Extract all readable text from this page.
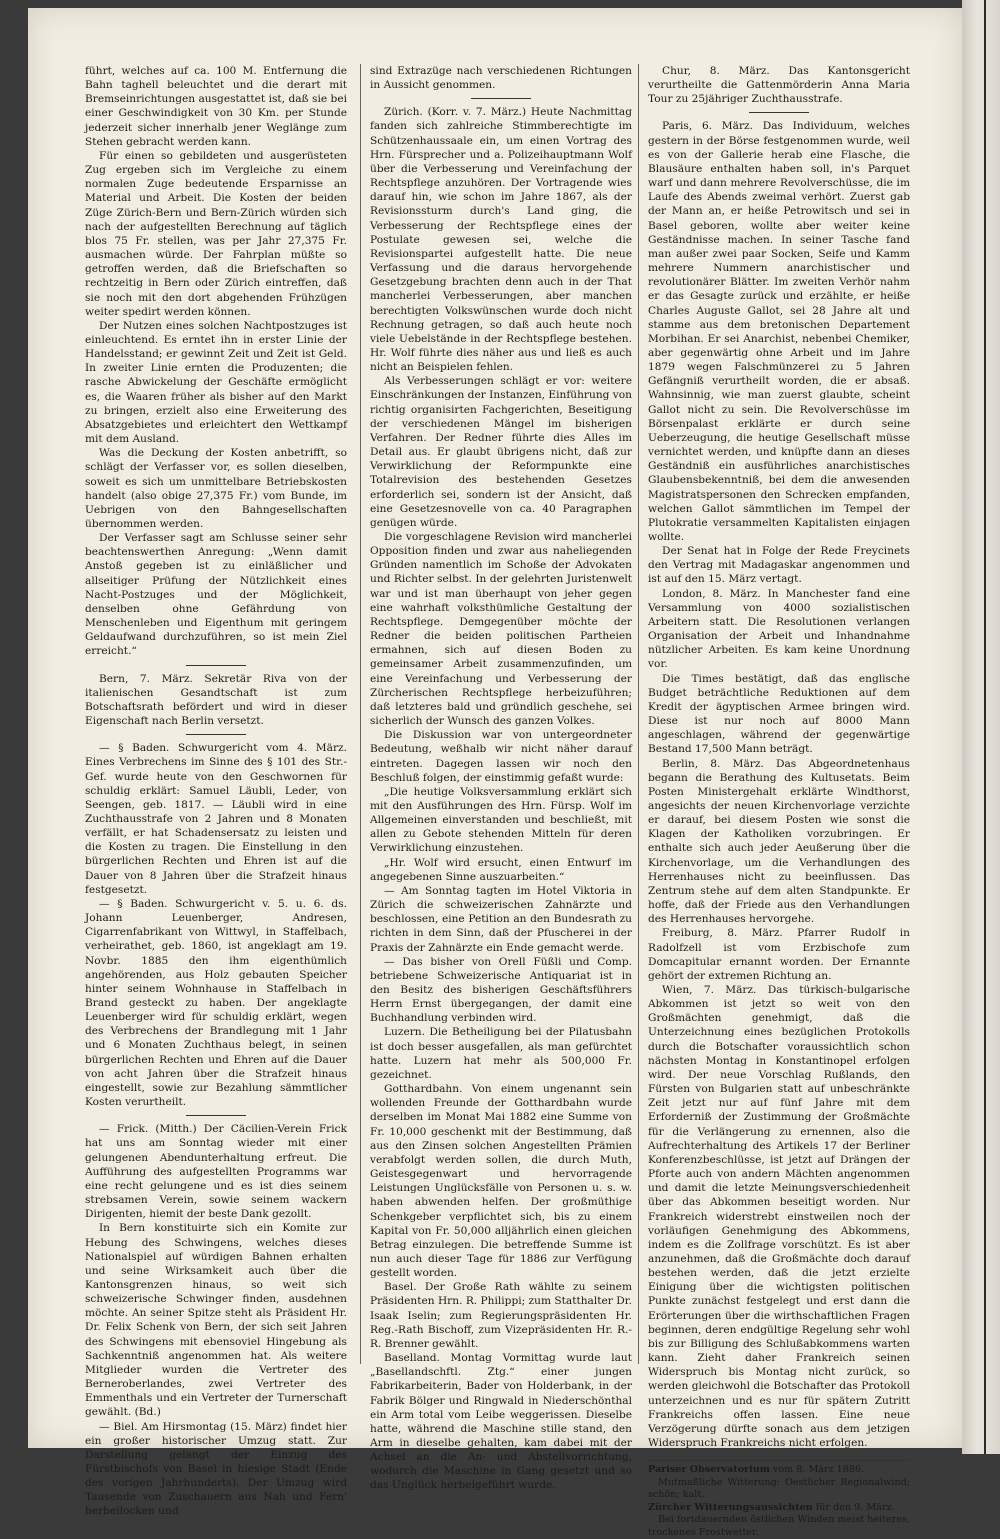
führt, welches auf ca. 100 M. Entfernung die Bahn taghell beleuchtet und die derart mit Bremseinrichtungen ausgestattet ist, daß sie bei einer Geschwindigkeit von 30 Km. per Stunde jederzeit sicher innerhalb jener Weglänge zum Stehen gebracht werden kann.

Für einen so gebildeten und ausgerüsteten Zug ergeben sich im Vergleiche zu einem normalen Zuge bedeutende Ersparnisse an Material und Arbeit. Die Kosten der beiden Züge Zürich-Bern und Bern-Zürich würden sich nach der aufgestellten Berechnung auf täglich blos 75 Fr. stellen, was per Jahr 27,375 Fr. ausmachen würde. Der Fahrplan müßte so getroffen werden, daß die Briefschaften so rechtzeitig in Bern oder Zürich eintreffen, daß sie noch mit den dort abgehenden Frühzügen weiter spedirt werden können.

Der Nutzen eines solchen Nachtpostzuges ist einleuchtend. Es erntet ihn in erster Linie der Handelsstand; er gewinnt Zeit und Zeit ist Geld. In zweiter Linie ernten die Produzenten; die rasche Abwickelung der Geschäfte ermöglicht es, die Waaren früher als bisher auf den Markt zu bringen, erzielt also eine Erweiterung des Absatzgebietes und erleichtert den Wettkampf mit dem Ausland.

Was die Deckung der Kosten anbetrifft, so schlägt der Verfasser vor, es sollen dieselben, soweit es sich um unmittelbare Betriebskosten handelt (also obige 27,375 Fr.) vom Bunde, im Uebrigen von den Bahngesellschaften übernommen werden.

Der Verfasser sagt am Schlusse seiner sehr beachtenswerthen Anregung: „Wenn damit Anstoß gegeben ist zu einläßlicher und allseitiger Prüfung der Nützlichkeit eines Nacht-Postzuges und der Möglichkeit, denselben ohne Gefährdung von Menschenleben und Eigenthum mit geringem Geldaufwand durchzuführen, so ist mein Ziel erreicht.“

Bern, 7. März. Sekretär Riva von der italienischen Gesandtschaft ist zum Botschaftsrath befördert und wird in dieser Eigenschaft nach Berlin versetzt.

— § Baden. Schwurgericht vom 4. März. Eines Verbrechens im Sinne des § 101 des Str.-Gef. wurde heute von den Geschwornen für schuldig erklärt: Samuel Läubli, Leder, von Seengen, geb. 1817. — Läubli wird in eine Zuchthausstrafe von 2 Jahren und 8 Monaten verfällt, er hat Schadensersatz zu leisten und die Kosten zu tragen. Die Einstellung in den bürgerlichen Rechten und Ehren ist auf die Dauer von 8 Jahren über die Strafzeit hinaus festgesetzt.

— § Baden. Schwurgericht v. 5. u. 6. ds. Johann Leuenberger, Andresen, Cigarrenfabrikant von Wittwyl, in Staffelbach, verheirathet, geb. 1860, ist angeklagt am 19. Novbr. 1885 den ihm eigenthümlich angehörenden, aus Holz gebauten Speicher hinter seinem Wohnhause in Staffelbach in Brand gesteckt zu haben. Der angeklagte Leuenberger wird für schuldig erklärt, wegen des Verbrechens der Brandlegung mit 1 Jahr und 6 Monaten Zuchthaus belegt, in seinen bürgerlichen Rechten und Ehren auf die Dauer von acht Jahren über die Strafzeit hinaus eingestellt, sowie zur Bezahlung sämmtlicher Kosten verurtheilt.

— Frick. (Mitth.) Der Cäcilien-Verein Frick hat uns am Sonntag wieder mit einer gelungenen Abendunterhaltung erfreut. Die Aufführung des aufgestellten Programms war eine recht gelungene und es ist dies seinem strebsamen Verein, sowie seinem wackern Dirigenten, hiemit der beste Dank gezollt.

In Bern konstituirte sich ein Komite zur Hebung des Schwingens, welches dieses Nationalspiel auf würdigen Bahnen erhalten und seine Wirksamkeit auch über die Kantonsgrenzen hinaus, so weit sich schweizerische Schwinger finden, ausdehnen möchte. An seiner Spitze steht als Präsident Hr. Dr. Felix Schenk von Bern, der sich seit Jahren des Schwingens mit ebensoviel Hingebung als Sachkenntniß angenommen hat. Als weitere Mitglieder wurden die Vertreter des Berneroberlandes, zwei Vertreter des Emmenthals und ein Vertreter der Turnerschaft gewählt. (Bd.)

— Biel. Am Hirsmontag (15. März) findet hier ein großer historischer Umzug statt. Zur Darstellung gelangt der Einzug des Fürstbischofs von Basel in hiesige Stadt (Ende des vorigen Jahrhunderts). Der Umzug wird Tausende von Zuschauern aus Nah und Fern' herbeilocken und

sind Extrazüge nach verschiedenen Richtungen in Aussicht genommen.

Zürich. (Korr. v. 7. März.) Heute Nachmittag fanden sich zahlreiche Stimmberechtigte im Schützenhaussaale ein, um einen Vortrag des Hrn. Fürsprecher und a. Polizeihauptmann Wolf über die Verbesserung und Vereinfachung der Rechtspflege anzuhören. Der Vortragende wies darauf hin, wie schon im Jahre 1867, als der Revisionssturm durch's Land ging, die Verbesserung der Rechtspflege eines der Postulate gewesen sei, welche die Revisionspartei aufgestellt hatte. Die neue Verfassung und die daraus hervorgehende Gesetzgebung brachten denn auch in der That mancherlei Verbesserungen, aber manchen berechtigten Volkswünschen wurde doch nicht Rechnung getragen, so daß auch heute noch viele Uebelstände in der Rechtspflege bestehen. Hr. Wolf führte dies näher aus und ließ es auch nicht an Beispielen fehlen.

Als Verbesserungen schlägt er vor: weitere Einschränkungen der Instanzen, Einführung von richtig organisirten Fachgerichten, Beseitigung der verschiedenen Mängel im bisherigen Verfahren. Der Redner führte dies Alles im Detail aus. Er glaubt übrigens nicht, daß zur Verwirklichung der Reformpunkte eine Totalrevision des bestehenden Gesetzes erforderlich sei, sondern ist der Ansicht, daß eine Gesetzesnovelle von ca. 40 Paragraphen genügen würde.

Die vorgeschlagene Revision wird mancherlei Opposition finden und zwar aus naheliegenden Gründen namentlich im Schoße der Advokaten und Richter selbst. In der gelehrten Juristenwelt war und ist man überhaupt von jeher gegen eine wahrhaft volksthümliche Gestaltung der Rechtspflege. Demgegenüber möchte der Redner die beiden politischen Partheien ermahnen, sich auf diesen Boden zu gemeinsamer Arbeit zusammenzufinden, um eine Vereinfachung und Verbesserung der Zürcherischen Rechtspflege herbeizuführen; daß letzteres bald und gründlich geschehe, sei sicherlich der Wunsch des ganzen Volkes.

Die Diskussion war von untergeordneter Bedeutung, weßhalb wir nicht näher darauf eintreten. Dagegen lassen wir noch den Beschluß folgen, der einstimmig gefaßt wurde:

„Die heutige Volksversammlung erklärt sich mit den Ausführungen des Hrn. Fürsp. Wolf im Allgemeinen einverstanden und beschließt, mit allen zu Gebote stehenden Mitteln für deren Verwirklichung einzustehen.

„Hr. Wolf wird ersucht, einen Entwurf im angegebenen Sinne auszuarbeiten.“

— Am Sonntag tagten im Hotel Viktoria in Zürich die schweizerischen Zahnärzte und beschlossen, eine Petition an den Bundesrath zu richten in dem Sinn, daß der Pfuscherei in der Praxis der Zahnärzte ein Ende gemacht werde.

— Das bisher von Orell Füßli und Comp. betriebene Schweizerische Antiquariat ist in den Besitz des bisherigen Geschäftsführers Herrn Ernst übergegangen, der damit eine Buchhandlung verbinden wird.

Luzern. Die Betheiligung bei der Pilatusbahn ist doch besser ausgefallen, als man gefürchtet hatte. Luzern hat mehr als 500,000 Fr. gezeichnet.

Gotthardbahn. Von einem ungenannt sein wollenden Freunde der Gotthardbahn wurde derselben im Monat Mai 1882 eine Summe von Fr. 10,000 geschenkt mit der Bestimmung, daß aus den Zinsen solchen Angestellten Prämien verabfolgt werden sollen, die durch Muth, Geistesgegenwart und hervorragende Leistungen Unglücksfälle von Personen u. s. w. haben abwenden helfen. Der großmüthige Schenkgeber verpflichtet sich, bis zu einem Kapital von Fr. 50,000 alljährlich einen gleichen Betrag einzulegen. Die betreffende Summe ist nun auch dieser Tage für 1886 zur Verfügung gestellt worden.

Basel. Der Große Rath wählte zu seinem Präsidenten Hrn. R. Philippi; zum Statthalter Dr. Isaak Iselin; zum Regierungspräsidenten Hr. Reg.-Rath Bischoff, zum Vizepräsidenten Hr. R.-R. Brenner gewählt.

Baselland. Montag Vormittag wurde laut „Basellandschftl. Ztg.“ einer jungen Fabrikarbeiterin, Bader von Holderbank, in der Fabrik Bölger und Ringwald in Niederschönthal ein Arm total vom Leibe weggerissen. Dieselbe hatte, während die Maschine stille stand, den Arm in dieselbe gehalten, kam dabei mit der Achsel an die An- und Abstellvorrichtung, wodurch die Maschine in Gang gesetzt und so das Unglück herbeigeführt wurde.

Chur, 8. März. Das Kantonsgericht verurtheilte die Gattenmörderin Anna Maria Tour zu 25jähriger Zuchthausstrafe.

Paris, 6. März. Das Individuum, welches gestern in der Börse festgenommen wurde, weil es von der Gallerie herab eine Flasche, die Blausäure enthalten haben soll, in's Parquet warf und dann mehrere Revolverschüsse, die im Laufe des Abends zweimal verhört. Zuerst gab der Mann an, er heiße Petrowitsch und sei in Basel geboren, wollte aber weiter keine Geständnisse machen. In seiner Tasche fand man außer zwei paar Socken, Seife und Kamm mehrere Nummern anarchistischer und revolutionärer Blätter. Im zweiten Verhör nahm er das Gesagte zurück und erzählte, er heiße Charles Auguste Gallot, sei 28 Jahre alt und stamme aus dem bretonischen Departement Morbihan. Er sei Anarchist, nebenbei Chemiker, aber gegenwärtig ohne Arbeit und im Jahre 1879 wegen Falschmünzerei zu 5 Jahren Gefängniß verurtheilt worden, die er absaß. Wahnsinnig, wie man zuerst glaubte, scheint Gallot nicht zu sein. Die Revolverschüsse im Börsenpalast erklärte er durch seine Ueberzeugung, die heutige Gesellschaft müsse vernichtet werden, und knüpfte dann an dieses Geständniß ein ausführliches anarchistisches Glaubensbekenntniß, bei dem die anwesenden Magistratspersonen den Schrecken empfanden, welchen Gallot sämmtlichen im Tempel der Plutokratie versammelten Kapitalisten einjagen wollte.

Der Senat hat in Folge der Rede Freycinets den Vertrag mit Madagaskar angenommen und ist auf den 15. März vertagt.

London, 8. März. In Manchester fand eine Versammlung von 4000 sozialistischen Arbeitern statt. Die Resolutionen verlangen Organisation der Arbeit und Inhandnahme nützlicher Arbeiten. Es kam keine Unordnung vor.

Die Times bestätigt, daß das englische Budget beträchtliche Reduktionen auf dem Kredit der ägyptischen Armee bringen wird. Diese ist nur noch auf 8000 Mann angeschlagen, während der gegenwärtige Bestand 17,500 Mann beträgt.

Berlin, 8. März. Das Abgeordnetenhaus begann die Berathung des Kultusetats. Beim Posten Ministergehalt erklärte Windthorst, angesichts der neuen Kirchenvorlage verzichte er darauf, bei diesem Posten wie sonst die Klagen der Katholiken vorzubringen. Er enthalte sich auch jeder Aeußerung über die Kirchenvorlage, um die Verhandlungen des Herrenhauses nicht zu beeinflussen. Das Zentrum stehe auf dem alten Standpunkte. Er hoffe, daß der Friede aus den Verhandlungen des Herrenhauses hervorgehe.

Freiburg, 8. März. Pfarrer Rudolf in Radolfzell ist vom Erzbischofe zum Domcapitular ernannt worden. Der Ernannte gehört der extremen Richtung an.

Wien, 7. März. Das türkisch-bulgarische Abkommen ist jetzt so weit von den Großmächten genehmigt, daß die Unterzeichnung eines bezüglichen Protokolls durch die Botschafter voraussichtlich schon nächsten Montag in Konstantinopel erfolgen wird. Der neue Vorschlag Rußlands, den Fürsten von Bulgarien statt auf unbeschränkte Zeit jetzt nur auf fünf Jahre mit dem Erforderniß der Zustimmung der Großmächte für die Verlängerung zu ernennen, also die Aufrechterhaltung des Artikels 17 der Berliner Konferenzbeschlüsse, ist jetzt auf Drängen der Pforte auch von andern Mächten angenommen und damit die letzte Meinungsverschiedenheit über das Abkommen beseitigt worden. Nur Frankreich widerstrebt einstweilen noch der vorläufigen Genehmigung des Abkommens, indem es die Zollfrage vorschützt. Es ist aber anzunehmen, daß die Großmächte doch darauf bestehen werden, daß die jetzt erzielte Einigung über die wichtigsten politischen Punkte zunächst festgelegt und erst dann die Erörterungen über die wirthschaftlichen Fragen beginnen, deren endgültige Regelung sehr wohl bis zur Billigung des Schlußabkommens warten kann. Zieht daher Frankreich seinen Widerspruch bis Montag nicht zurück, so werden gleichwohl die Botschafter das Protokoll unterzeichnen und es nur für spätern Zutritt Frankreichs offen lassen. Eine neue Verzögerung dürfte sonach aus dem jetzigen Widerspruch Frankreichs nicht erfolgen.

Pariser Observatorium vom 8. März 1886.

Mutmaßliche Witterung: Oestlicher Regionalwind; schön; kalt.

Zürcher Witterungsaussichten für den 9. März.

Bei fortdauernden östlichen Winden meist heiteres, trockenes Frostwetter.
